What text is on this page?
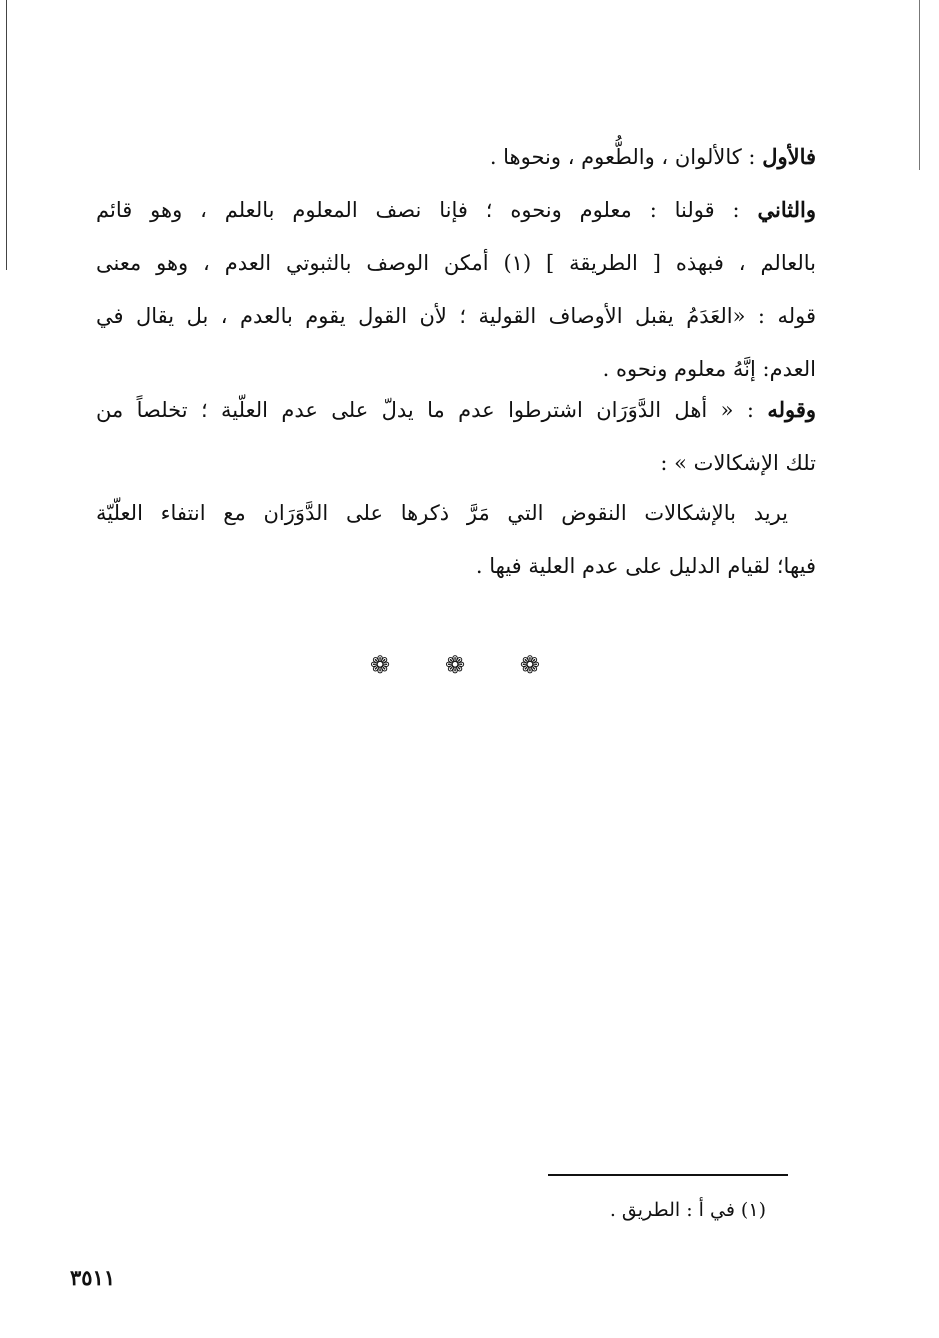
فالأول : كالألوان ، والطُّعوم ، ونحوها .
والثاني : قولنا : معلوم ونحوه ؛ فإنا نصف المعلوم بالعلم ، وهو قائم
بالعالم ، فبهذه [ الطريقة ] (١) أمكن الوصف بالثبوتي العدم ، وهو معنى
قوله : «العَدَمُ يقبل الأوصاف القولية ؛ لأن القول يقوم بالعدم ، بل يقال في
العدم: إنَّهُ معلوم ونحوه .
وقوله : « أهل الدَّوَرَان اشترطوا عدم ما يدلّ على عدم العلّية ؛ تخلصاً من
تلك الإشكالات » :
يريد بالإشكالات النقوض التي مَرَّ ذكرها على الدَّوَرَان مع انتفاء العلّيّة
فيها؛ لقيام الدليل على عدم العلية فيها .
❁ ❁ ❁
(١) في أ : الطريق .
٣٥١١
